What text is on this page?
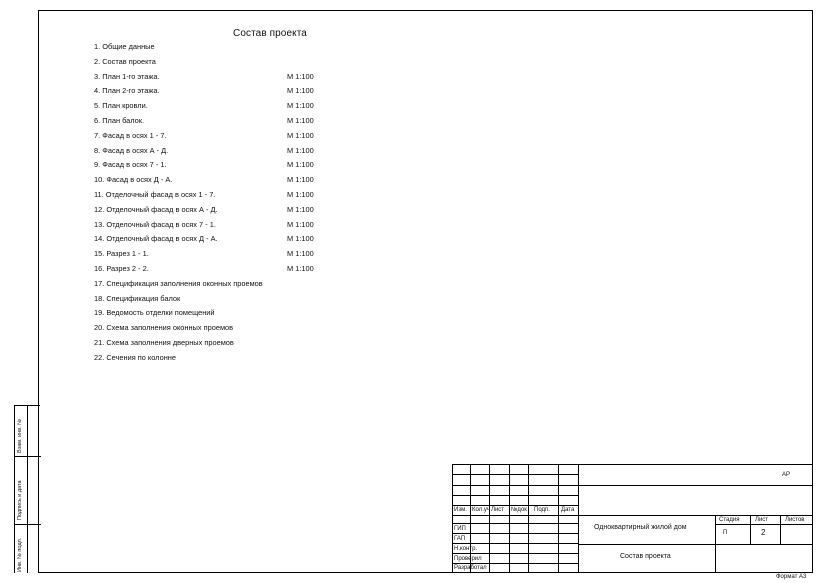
Состав проекта
1. Общие данные
2. Состав проекта
3. План 1-го этажа.	М 1:100
4. План 2-го этажа.	М 1:100
5. План кровли.	М 1:100
6. План балок.	М 1:100
7. Фасад в осях 1 - 7.	М 1:100
8. Фасад в осях А - Д.	М 1:100
9. Фасад в осях 7 - 1.	М 1:100
10. Фасад в осях Д - А.	М 1:100
11. Отделочный фасад в осях 1 - 7.	М 1:100
12. Отделочный фасад в осях А - Д.	М 1:100
13. Отделочный фасад в осях 7 - 1.	М 1:100
14. Отделочный фасад в осях Д - А.	М 1:100
15. Разрез 1 - 1.	М 1:100
16. Разрез 2 - 2.	М 1:100
17. Спецификация заполнения оконных проемов
18. Спецификация балок
19. Ведомость отделки помещений
20. Схема заполнения оконных проемов
21. Схема заполнения дверных проемов
22. Сечения по колонне
Взам. инв. №
Подпись и дата
Инв. № подл.
Изм. Кол.уч Лист №док Подп. Дата
ГИП
ГАП
Н.контр.
Проверил
Разработал
АР
Одноквартирный жилой дом
Состав проекта
Стадия	Лист	Листов
П	2
Формат А3
